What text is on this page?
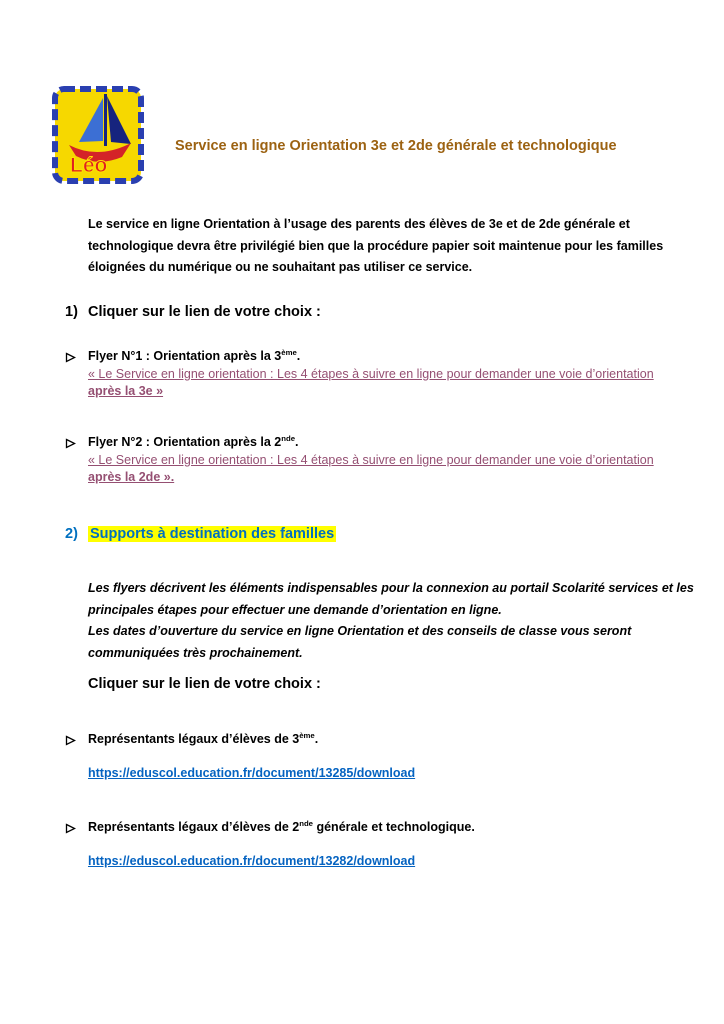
Léo
Service en ligne Orientation 3e et 2de générale et technologique

Le service en ligne Orientation à l’usage des parents des élèves de 3e et de 2de générale et technologique devra être privilégié bien que la procédure papier soit maintenue pour les familles éloignées du numérique ou ne souhaitant pas utiliser ce service.

1) Cliquer sur le lien de votre choix :

Flyer N°1 : Orientation après la 3ème.

« Le Service en ligne orientation : Les 4 étapes à suivre en ligne pour demander une voie d’orientation après la 3e »

Flyer N°2 : Orientation après la 2nde.

« Le Service en ligne orientation : Les 4 étapes à suivre en ligne pour demander une voie d’orientation après la 2de ».

2) Supports à destination des familles

Les flyers décrivent les éléments indispensables pour la connexion au portail Scolarité services et les principales étapes pour effectuer une demande d’orientation en ligne.

Les dates d’ouverture du service en ligne Orientation et des conseils de classe vous seront communiquées très prochainement.

Cliquer sur le lien de votre choix :

Représentants légaux d’élèves de 3ème.

https://eduscol.education.fr/document/13285/download

Représentants légaux d’élèves de 2nde générale et technologique.

https://eduscol.education.fr/document/13282/download
